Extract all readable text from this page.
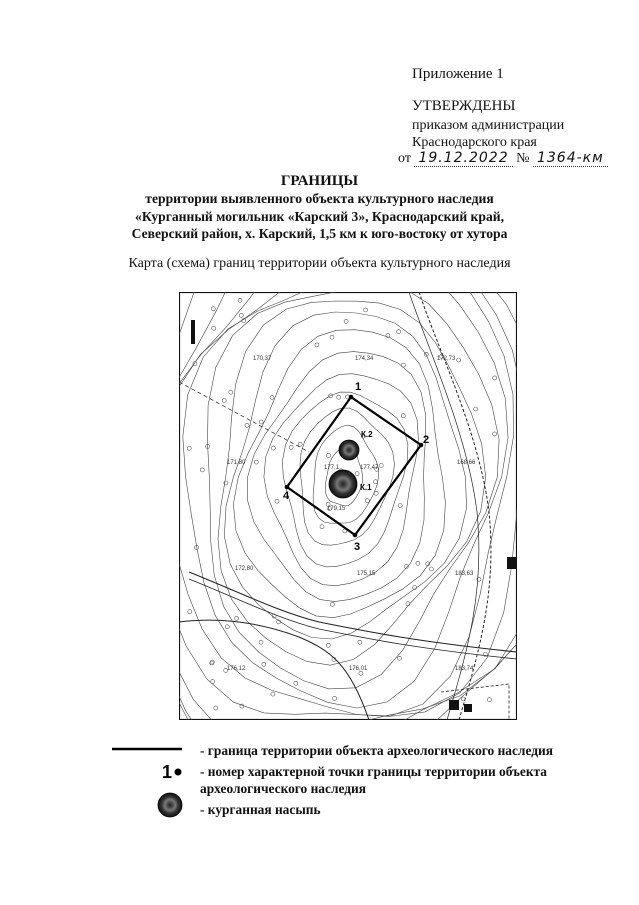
Приложение 1
УТВЕРЖДЕНЫ
приказом администрации
Краснодарского края
от 19.12.2022 № 1364-км
ГРАНИЦЫ
территории выявленного объекта культурного наследия
«Курганный могильник «Карский 3», Краснодарский край,
Северский район, х. Карский, 1,5 км к юго-востоку от хутора
Карта (схема) границ территории объекта культурного наследия
170,37	174,34	172,73
171,80
177,1	177,47
179,15
168,66
172,80
175,15	183,63
176,12	176,01	183,74
1
2
3
4
К.2
К.1
1
- граница территории объекта археологического наследия
- номер характерной точки границы территории объекта
археологического наследия
- курганная насыпь
